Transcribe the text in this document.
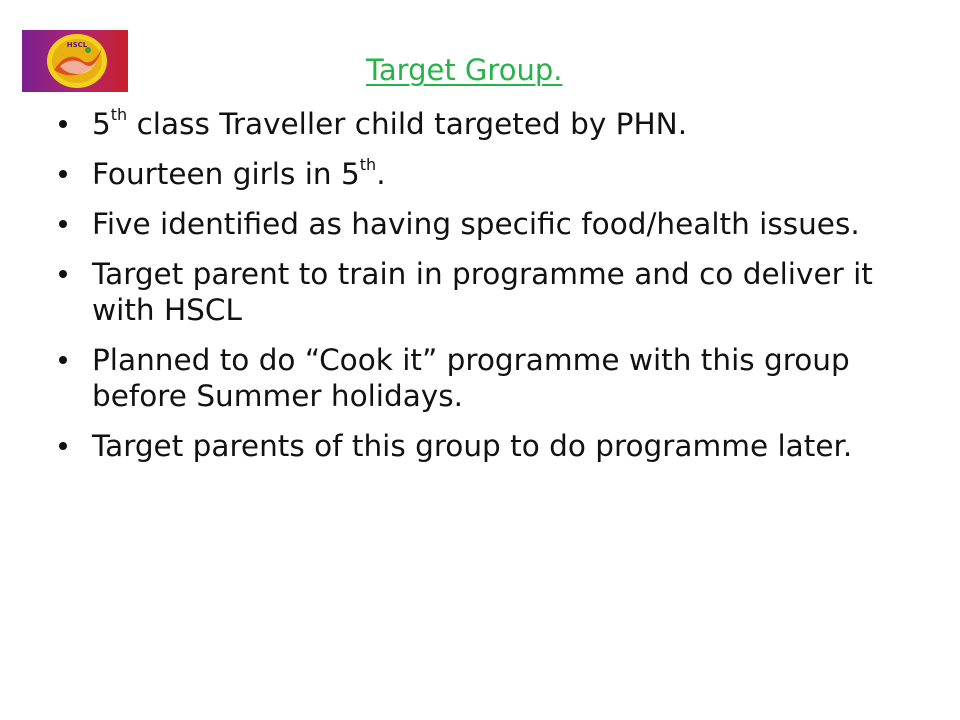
HSCL
Target Group.
5th class Traveller child targeted by PHN.
Fourteen girls in 5th.
Five identified as having specific food/health issues.
Target parent to train in programme and co deliver it with HSCL
Planned to do “Cook it” programme with this group before Summer holidays.
Target parents of this group to do programme later.
